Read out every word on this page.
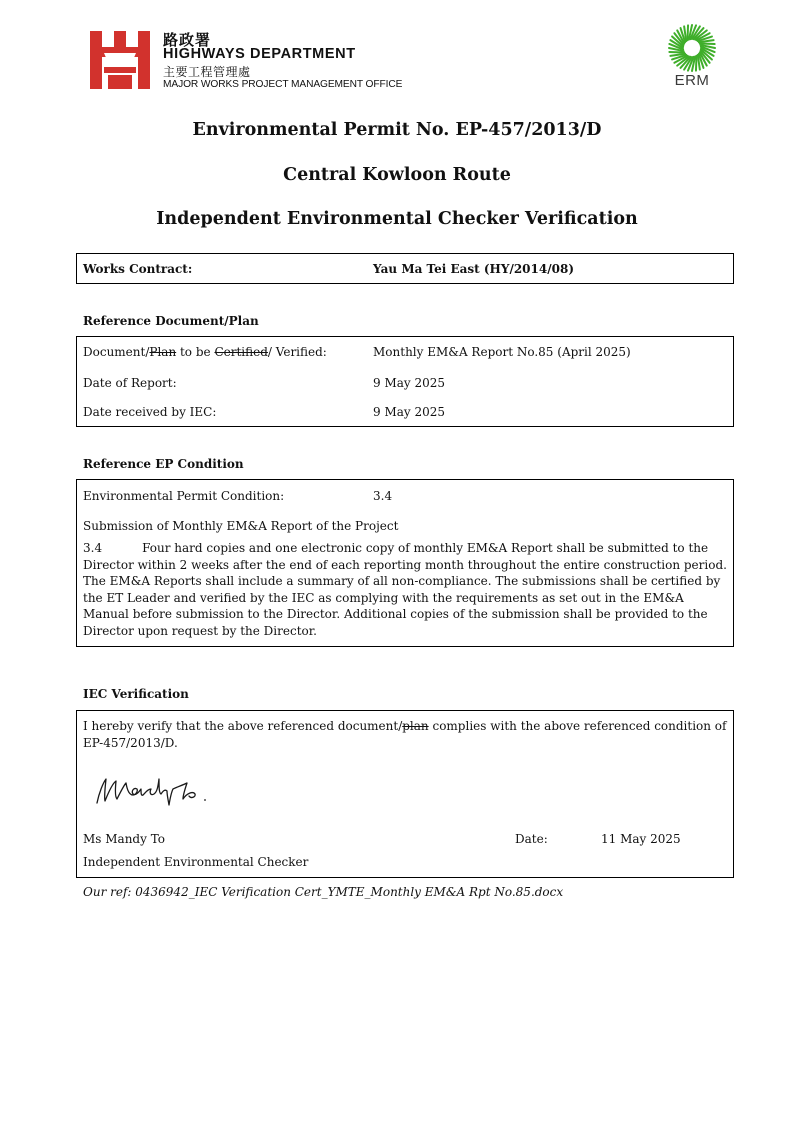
路政署
HIGHWAYS DEPARTMENT
主要工程管理處
MAJOR WORKS PROJECT MANAGEMENT OFFICE	ERM
Environmental Permit No. EP-457/2013/D
Central Kowloon Route
Independent Environmental Checker Verification
Works Contract:	Yau Ma Tei East (HY/2014/08)
Reference Document/Plan
Document/Plan to be Certified/ Verified:	Monthly EM&A Report No.85 (April 2025)
Date of Report:	9 May 2025
Date received by IEC:	9 May 2025
Reference EP Condition
Environmental Permit Condition:	3.4
Submission of Monthly EM&A Report of the Project
3.4	Four hard copies and one electronic copy of monthly EM&A Report shall be submitted to the Director within 2 weeks after the end of each reporting month throughout the entire construction period. The EM&A Reports shall include a summary of all non-compliance. The submissions shall be certified by the ET Leader and verified by the IEC as complying with the requirements as set out in the EM&A Manual before submission to the Director. Additional copies of the submission shall be provided to the Director upon request by the Director.
IEC Verification
I hereby verify that the above referenced document/plan complies with the above referenced condition of EP-457/2013/D.
Ms Mandy To	Date:	11 May 2025
Independent Environmental Checker
Our ref: 0436942_IEC Verification Cert_YMTE_Monthly EM&A Rpt No.85.docx
